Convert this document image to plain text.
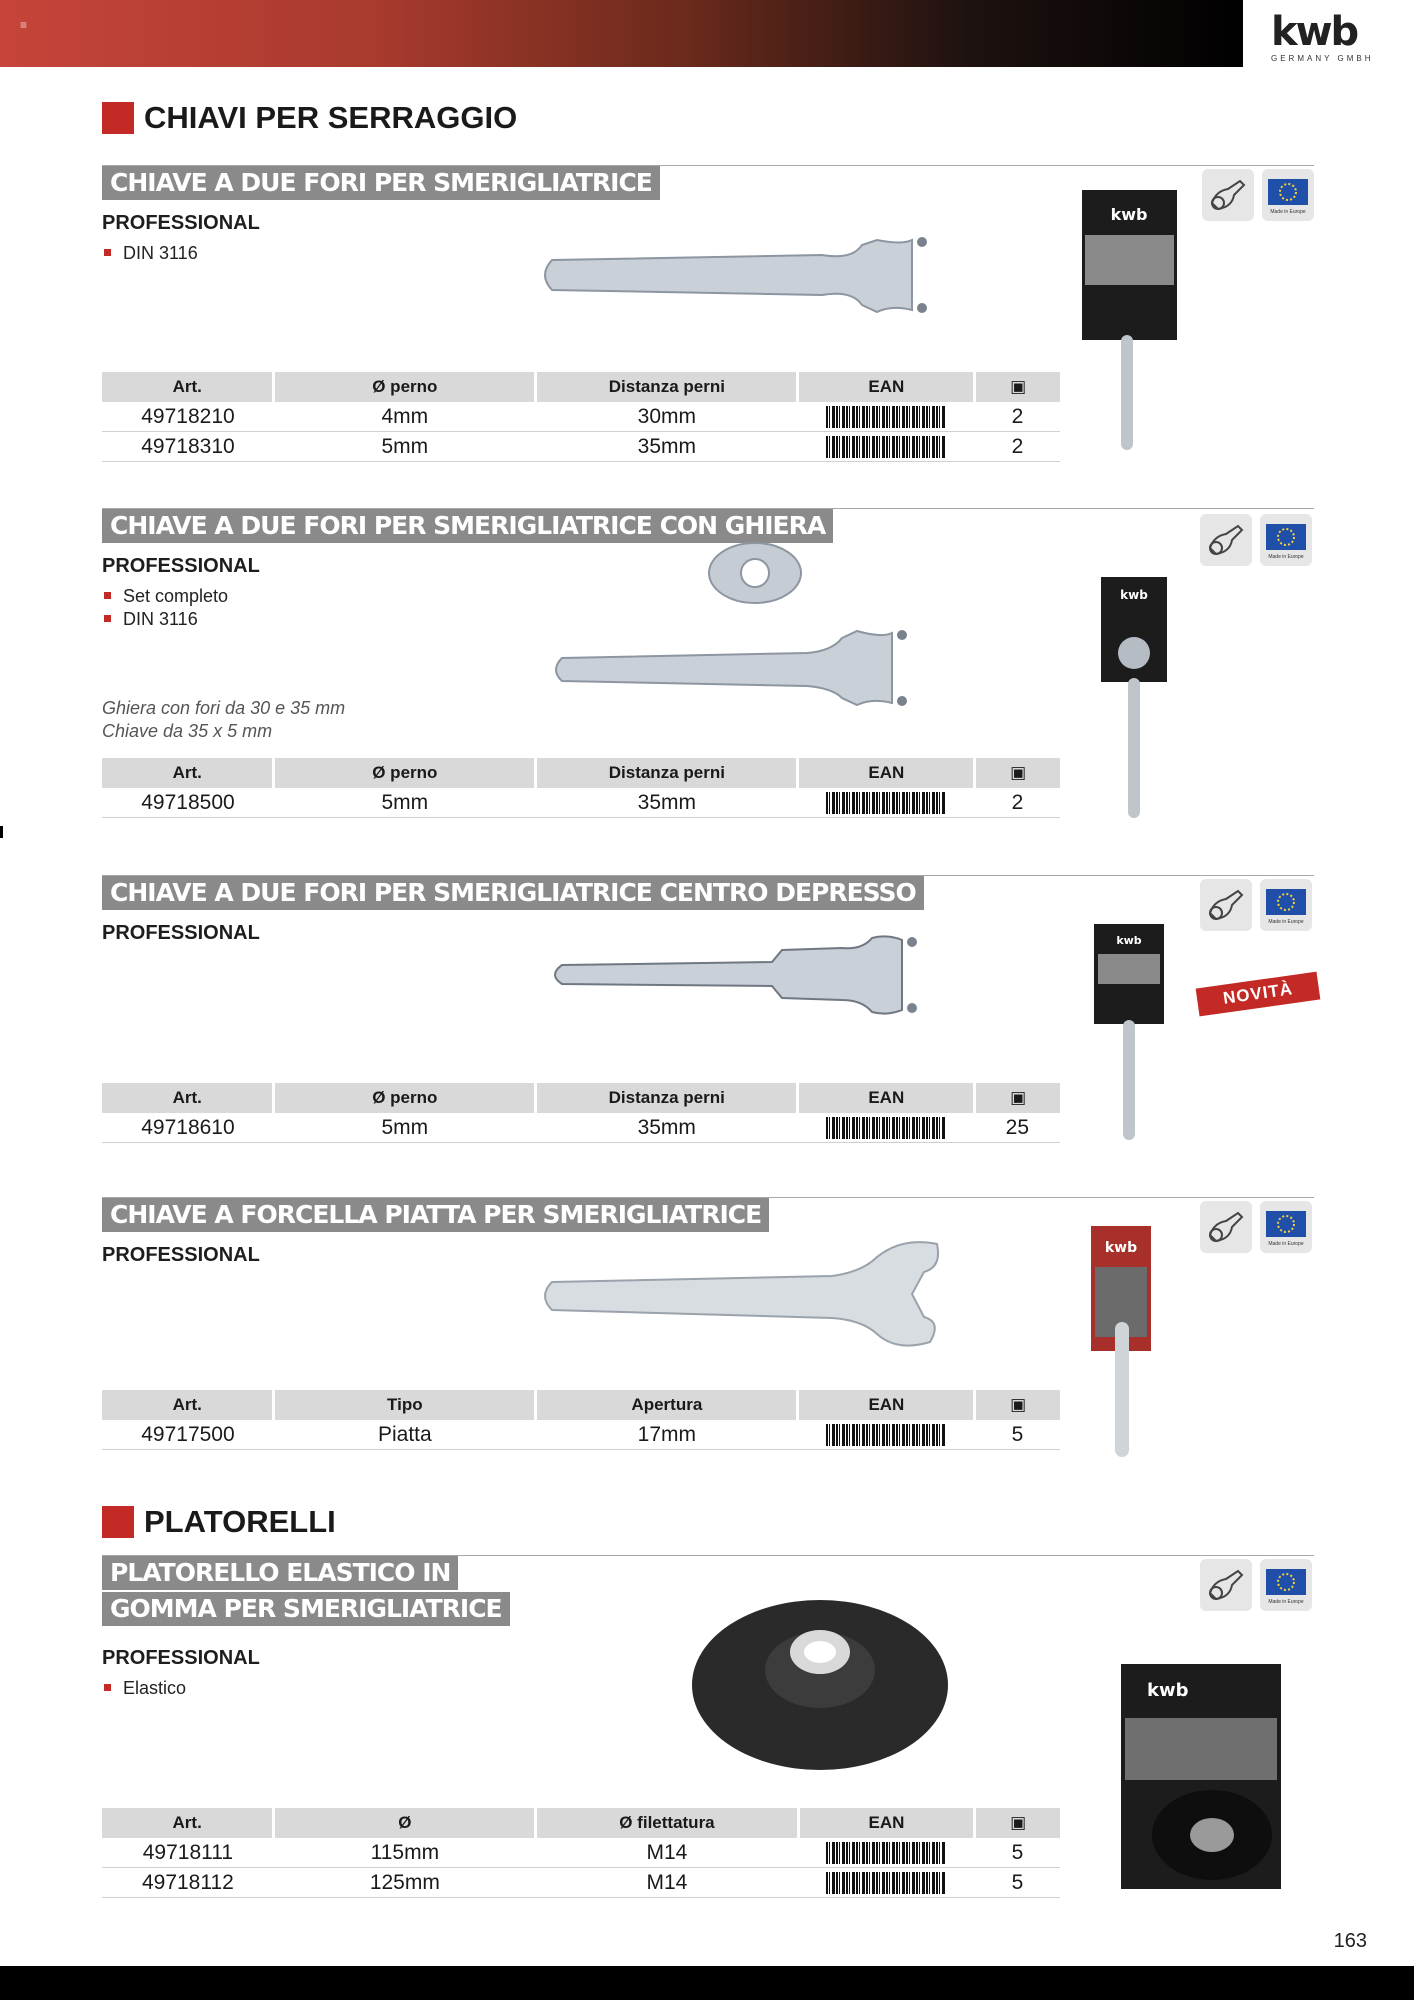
≡	kwb
GERMANY GMBH
CHIAVI PER SERRAGGIO
CHIAVE A DUE FORI PER SMERIGLIATRICE
PROFESSIONAL
DIN 3116
Made in Europe
kwb
Art.	Ø perno	Distanza perni	EAN	▣
49718210	4mm	30mm		2
49718310	5mm	35mm		2
CHIAVE A DUE FORI PER SMERIGLIATRICE CON GHIERA
PROFESSIONAL
Set completo
DIN 3116
Ghiera con fori da 30 e 35 mm
Chiave da 35 x 5 mm
Made in Europe
kwb
Art.	Ø perno	Distanza perni	EAN	▣
49718500	5mm	35mm		2
CHIAVE A DUE FORI PER SMERIGLIATRICE CENTRO DEPRESSO
PROFESSIONAL	Made in Europe
kwb
NOVITÀ
Art.	Ø perno	Distanza perni	EAN	▣
49718610	5mm	35mm		25
CHIAVE A FORCELLA PIATTA PER SMERIGLIATRICE
PROFESSIONAL	Made in Europe
kwb
Art.	Tipo	Apertura	EAN	▣
49717500	Piatta	17mm		5
PLATORELLI
PLATORELLO ELASTICO IN
GOMMA PER SMERIGLIATRICE
PROFESSIONAL
Elastico
Made in Europe
kwb
Art.	Ø	Ø filettatura	EAN	▣
49718111	115mm	M14		5
49718112	125mm	M14		5
163
